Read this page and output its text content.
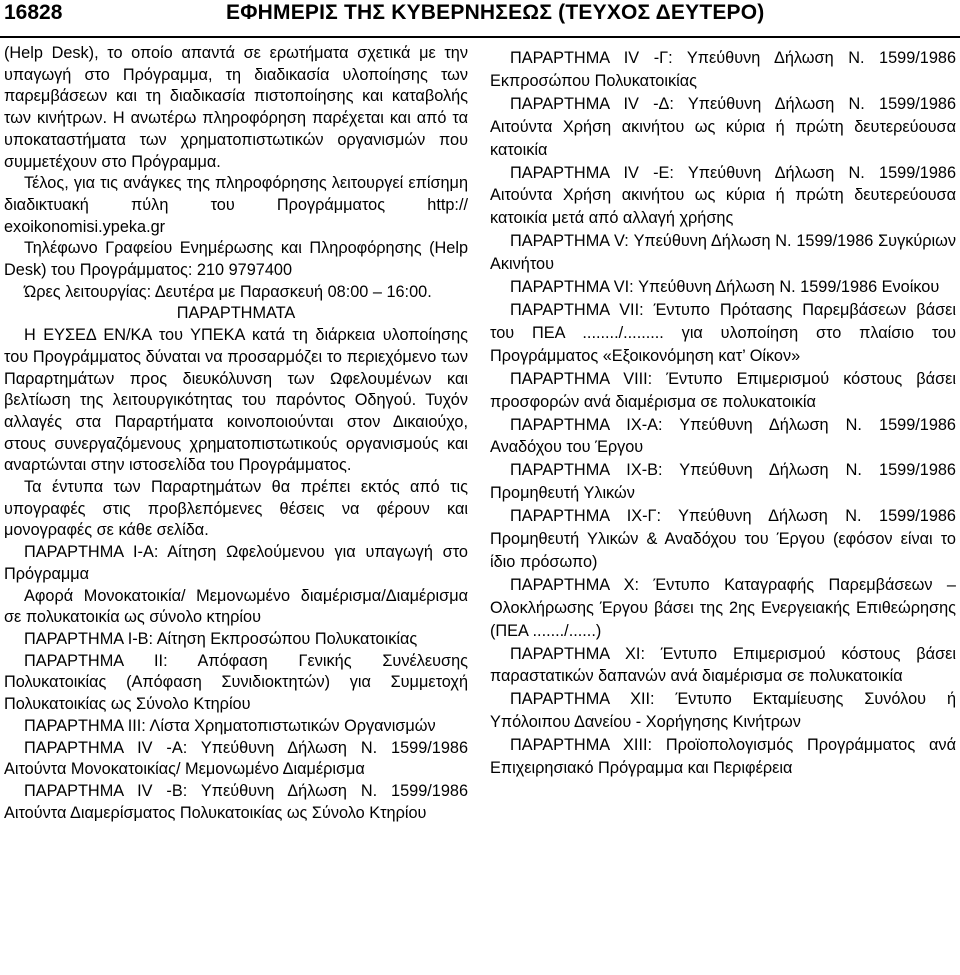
16828	ΕΦΗΜΕΡΙΣ ΤΗΣ ΚΥΒΕΡΝΗΣΕΩΣ (ΤΕΥΧΟΣ ΔΕΥΤΕΡΟ)

(Help Desk), το οποίο απαντά σε ερωτήματα σχετικά με την υπαγωγή στο Πρόγραμμα, τη διαδικασία υλοποίησης των παρεμβάσεων και τη διαδικασία πιστοποίησης και καταβολής των κινήτρων. Η ανωτέρω πληροφόρηση παρέχεται και από τα υποκαταστήματα των χρηματοπιστωτικών οργανισμών που συμμετέχουν στο Πρόγραμμα.

Τέλος, για τις ανάγκες της πληροφόρησης λειτουργεί επίσημη διαδικτυακή πύλη του Προγράμματος http:// exoikonomisi.ypeka.gr

Τηλέφωνο Γραφείου Ενημέρωσης και Πληροφόρησης (Help Desk) του Προγράμματος: 210 9797400

Ώρες λειτουργίας: Δευτέρα με Παρασκευή 08:00 – 16:00.

ΠΑΡΑΡΤΗΜΑΤΑ

Η ΕΥΣΕΔ ΕΝ/ΚΑ του ΥΠΕΚΑ κατά τη διάρκεια υλοποίησης του Προγράμματος δύναται να προσαρμόζει το περιεχόμενο των Παραρτημάτων προς διευκόλυνση των Ωφελουμένων και βελτίωση της λειτουργικότητας του παρόντος Οδηγού. Τυχόν αλλαγές στα Παραρτήματα κοινοποιούνται στον Δικαιούχο, στους συνεργαζόμενους χρηματοπιστωτικούς οργανισμούς και αναρτώνται στην ιστοσελίδα του Προγράμματος.

Τα έντυπα των Παραρτημάτων θα πρέπει εκτός από τις υπογραφές στις προβλεπόμενες θέσεις να φέρουν και μονογραφές σε κάθε σελίδα.

ΠΑΡΑΡΤΗΜΑ Ι-Α: Αίτηση Ωφελούμενου για υπαγωγή στο Πρόγραμμα

Αφορά Μονοκατοικία/ Μεμονωμένο διαμέρισμα/Διαμέρισμα σε πολυκατοικία ως σύνολο κτηρίου

ΠΑΡΑΡΤΗΜΑ Ι-Β: Αίτηση Εκπροσώπου Πολυκατοικίας

ΠΑΡΑΡΤΗΜΑ ΙΙ: Απόφαση Γενικής Συνέλευσης Πολυκατοικίας (Απόφαση Συνιδιοκτητών) για Συμμετοχή Πολυκατοικίας ως Σύνολο Κτηρίου

ΠΑΡΑΡΤΗΜΑ ΙΙΙ: Λίστα Χρηματοπιστωτικών Οργανισμών

ΠΑΡΑΡΤΗΜΑ ΙV -Α: Υπεύθυνη Δήλωση Ν. 1599/1986 Αιτούντα Μονοκατοικίας/ Μεμονωμένο Διαμέρισμα

ΠΑΡΑΡΤΗΜΑ ΙV -Β: Υπεύθυνη Δήλωση Ν. 1599/1986 Αιτούντα Διαμερίσματος Πολυκατοικίας ως Σύνολο Κτηρίου

ΠΑΡΑΡΤΗΜΑ ΙV -Γ: Υπεύθυνη Δήλωση Ν. 1599/1986 Εκπροσώπου Πολυκατοικίας

ΠΑΡΑΡΤΗΜΑ ΙV -Δ: Υπεύθυνη Δήλωση Ν. 1599/1986 Αιτούντα Χρήση ακινήτου ως κύρια ή πρώτη δευτερεύουσα κατοικία

ΠΑΡΑΡΤΗΜΑ ΙV -Ε: Υπεύθυνη Δήλωση Ν. 1599/1986 Αιτούντα Χρήση ακινήτου ως κύρια ή πρώτη δευτερεύουσα κατοικία μετά από αλλαγή χρήσης

ΠΑΡΑΡΤΗΜΑ V: Υπεύθυνη Δήλωση Ν. 1599/1986 Συγκύριων Ακινήτου

ΠΑΡΑΡΤΗΜΑ VI: Υπεύθυνη Δήλωση Ν. 1599/1986 Ενοίκου

ΠΑΡΑΡΤΗΜΑ VII: Έντυπο Πρότασης Παρεμβάσεων βάσει του ΠΕΑ ......../......... για υλοποίηση στο πλαίσιο του Προγράμματος «Εξοικονόμηση κατ’ Οίκον»

ΠΑΡΑΡΤΗΜΑ VIII: Έντυπο Επιμερισμού κόστους βάσει προσφορών ανά διαμέρισμα σε πολυκατοικία

ΠΑΡΑΡΤΗΜΑ ΙΧ-Α: Υπεύθυνη Δήλωση Ν. 1599/1986 Αναδόχου του Έργου

ΠΑΡΑΡΤΗΜΑ ΙΧ-Β: Υπεύθυνη Δήλωση Ν. 1599/1986 Προμηθευτή Υλικών

ΠΑΡΑΡΤΗΜΑ ΙΧ-Γ: Υπεύθυνη Δήλωση Ν. 1599/1986 Προμηθευτή Υλικών & Αναδόχου του Έργου (εφόσον είναι το ίδιο πρόσωπο)

ΠΑΡΑΡΤΗΜΑ Χ: Έντυπο Καταγραφής Παρεμβάσεων – Ολοκλήρωσης Έργου βάσει της 2ης Ενεργειακής Επιθεώρησης (ΠΕΑ ......./......)

ΠΑΡΑΡΤΗΜΑ ΧΙ: Έντυπο Επιμερισμού κόστους βάσει παραστατικών δαπανών ανά διαμέρισμα σε πολυκατοικία

ΠΑΡΑΡΤΗΜΑ ΧΙΙ: Έντυπο Εκταμίευσης Συνόλου ή Υπόλοιπου Δανείου - Χορήγησης Κινήτρων

ΠΑΡΑΡΤΗΜΑ ΧΙΙΙ: Προϊοπολογισμός Προγράμματος ανά Επιχειρησιακό Πρόγραμμα και Περιφέρεια
